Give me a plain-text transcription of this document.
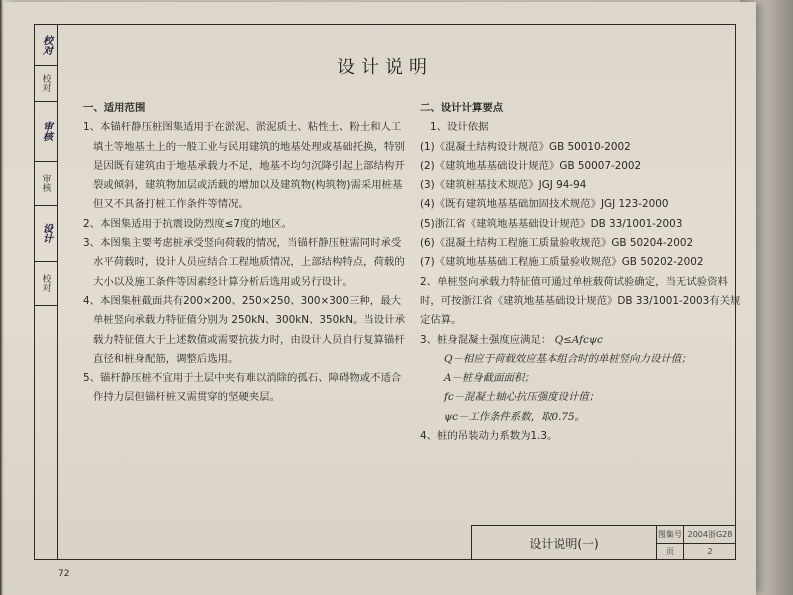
校对
校对
审核
审核
设计
校对

设计说明
一、适用范围
1、本锚杆静压桩图集适用于在淤泥、淤泥质土、粘性土、粉土和人工填土等地基土上的一般工业与民用建筑的地基处理或基础托换，特别是因既有建筑由于地基承载力不足，地基不均匀沉降引起上部结构开裂或倾斜，建筑物加层或活载的增加以及建筑物(构筑物)需采用桩基但又不具备打桩工作条件等情况。
2、本图集适用于抗震设防烈度≤7度的地区。
3、本图集主要考虑桩承受竖向荷载的情况，当锚杆静压桩需同时承受水平荷载时，设计人员应结合工程地质情况，上部结构特点，荷载的大小以及施工条件等因素经计算分析后选用或另行设计。
4、本图集桩截面共有200×200、250×250、300×300三种，最大单桩竖向承载力特征值分别为 250kN、300kN、350kN。当设计承载力特征值大于上述数值或需要抗拔力时，由设计人员自行复算锚杆直径和桩身配筋，调整后选用。
5、锚杆静压桩不宜用于土层中夹有难以消除的孤石、障碍物或不适合作持力层但锚杆桩又需贯穿的坚硬夹层。
二、设计计算要点
1、设计依据
(1)《混凝土结构设计规范》GB 50010-2002
(2)《建筑地基基础设计规范》GB 50007-2002
(3)《建筑桩基技术规范》JGJ 94-94
(4)《既有建筑地基基础加固技术规范》JGJ 123-2000
(5)浙江省《建筑地基基础设计规范》DB 33/1001-2003
(6)《混凝土结构工程施工质量验收规范》GB 50204-2002
(7)《建筑地基基础工程施工质量验收规范》GB 50202-2002
2、单桩竖向承载力特征值可通过单桩载荷试验确定，当无试验资料时，可按浙江省《建筑地基基础设计规范》DB 33/1001-2003有关规定估算。
3、桩身混凝土强度应满足： Q≤Afcψc
Q－相应于荷载效应基本组合时的单桩竖向力设计值；
A－桩身截面面积；
fc－混凝土轴心抗压强度设计值；
ψc－工作条件系数，取0.75。
4、桩的吊装动力系数为1.3。
设计说明(一)
图集号 2004浙G28
页	2
72
